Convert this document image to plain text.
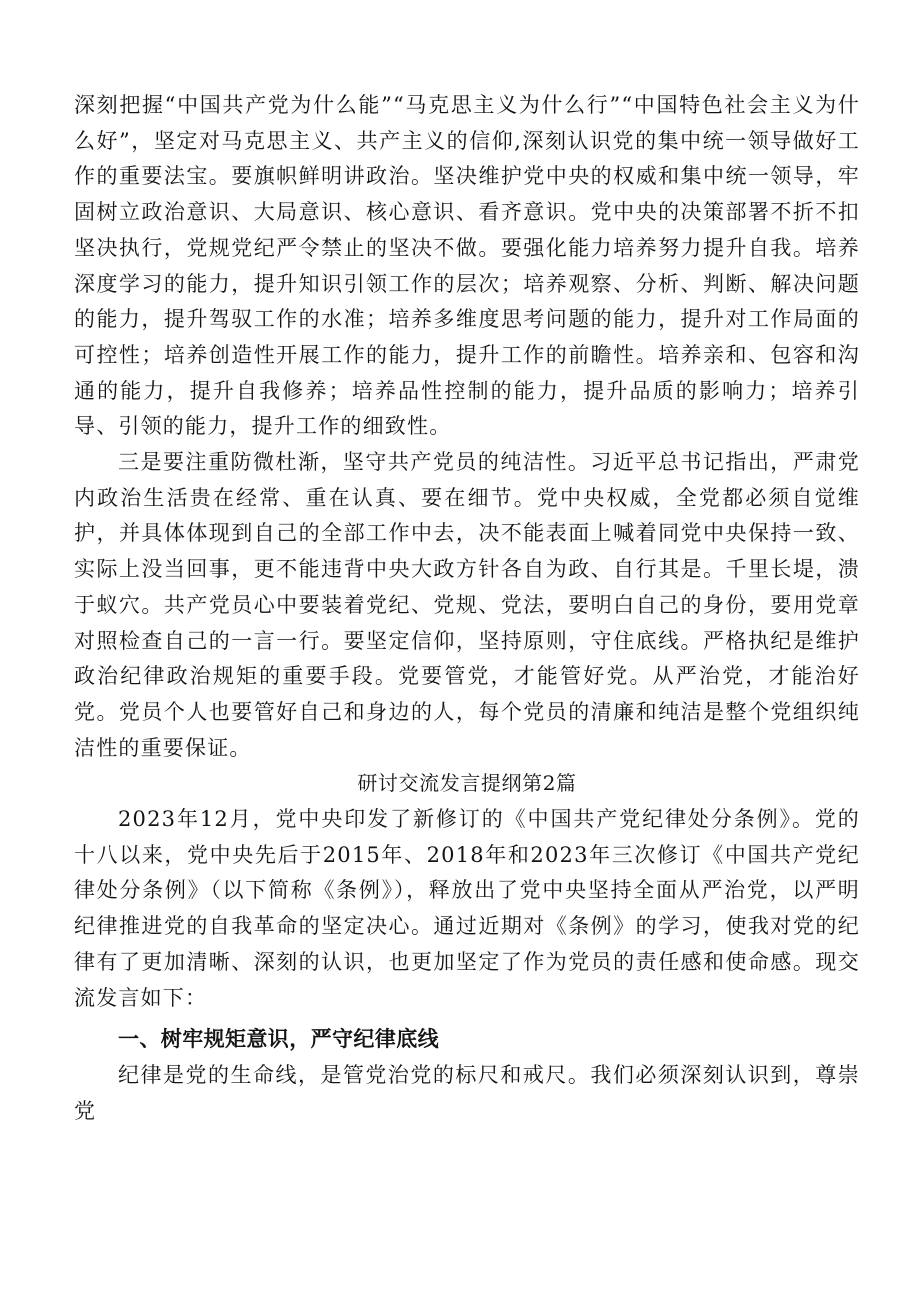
深刻把握“中国共产党为什么能”“马克思主义为什么行”“中国特色社会主义为什么好”，坚定对马克思主义、共产主义的信仰,深刻认识党的集中统一领导做好工作的重要法宝。要旗帜鲜明讲政治。坚决维护党中央的权威和集中统一领导，牢固树立政治意识、大局意识、核心意识、看齐意识。党中央的决策部署不折不扣坚决执行，党规党纪严令禁止的坚决不做。要强化能力培养努力提升自我。培养深度学习的能力，提升知识引领工作的层次；培养观察、分析、判断、解决问题的能力，提升驾驭工作的水准；培养多维度思考问题的能力，提升对工作局面的可控性；培养创造性开展工作的能力，提升工作的前瞻性。培养亲和、包容和沟通的能力，提升自我修养；培养品性控制的能力，提升品质的影响力；培养引导、引领的能力，提升工作的细致性。

三是要注重防微杜渐，坚守共产党员的纯洁性。习近平总书记指出，严肃党内政治生活贵在经常、重在认真、要在细节。党中央权威，全党都必须自觉维护，并具体体现到自己的全部工作中去，决不能表面上喊着同党中央保持一致、实际上没当回事，更不能违背中央大政方针各自为政、自行其是。千里长堤，溃于蚁穴。共产党员心中要装着党纪、党规、党法，要明白自己的身份，要用党章对照检查自己的一言一行。要坚定信仰，坚持原则，守住底线。严格执纪是维护政治纪律政治规矩的重要手段。党要管党，才能管好党。从严治党，才能治好党。党员个人也要管好自己和身边的人，每个党员的清廉和纯洁是整个党组织纯洁性的重要保证。

研讨交流发言提纲第2篇

2023年12月，党中央印发了新修订的《中国共产党纪律处分条例》。党的十八以来，党中央先后于2015年、2018年和2023年三次修订《中国共产党纪律处分条例》（以下简称《条例》），释放出了党中央坚持全面从严治党，以严明纪律推进党的自我革命的坚定决心。通过近期对《条例》的学习，使我对党的纪律有了更加清晰、深刻的认识，也更加坚定了作为党员的责任感和使命感。现交流发言如下：

一、树牢规矩意识，严守纪律底线

纪律是党的生命线，是管党治党的标尺和戒尺。我们必须深刻认识到，尊崇党
